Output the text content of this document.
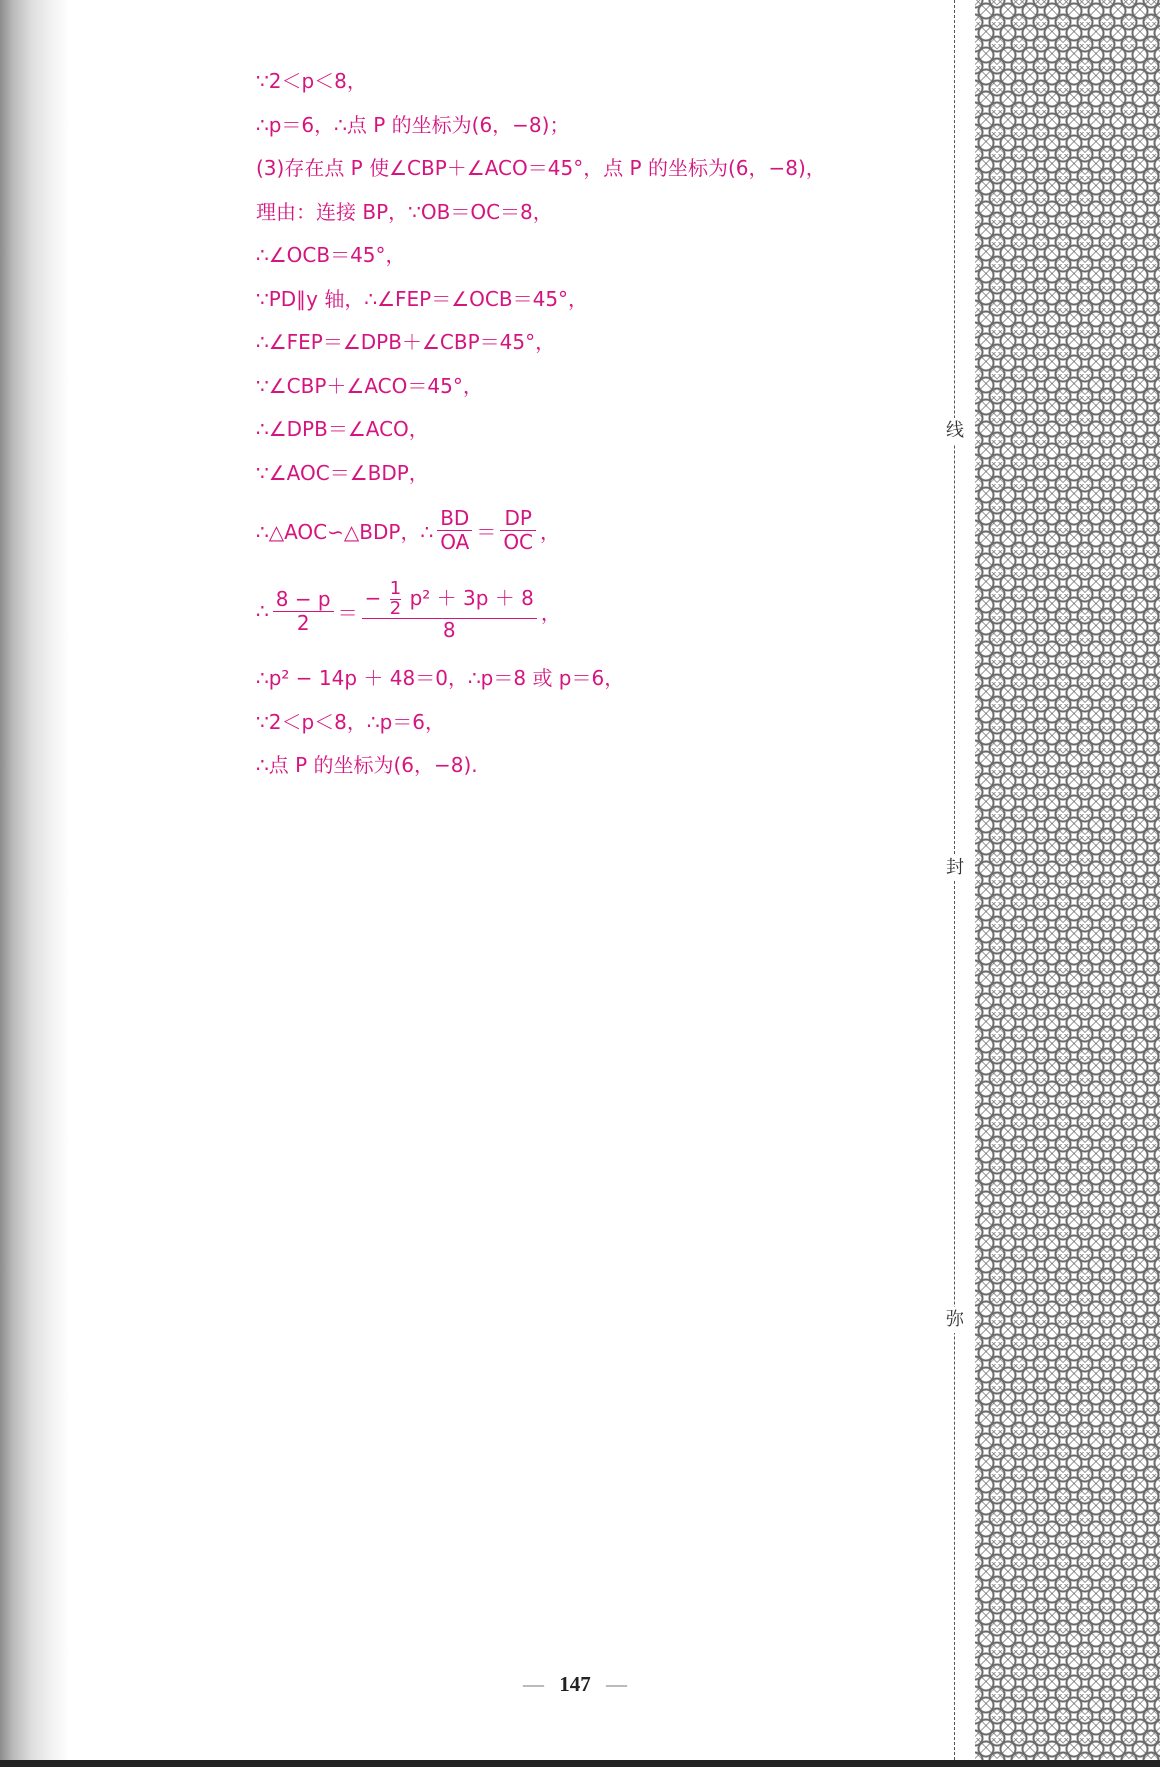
∵2＜p＜8，
∴p＝6，∴点 P 的坐标为(6，−8)；
(3)存在点 P 使∠CBP＋∠ACO＝45°，点 P 的坐标为(6，−8)，
理由：连接 BP，∵OB＝OC＝8，
∴∠OCB＝45°，
∵PD∥y 轴，∴∠FEP＝∠OCB＝45°，
∴∠FEP＝∠DPB＋∠CBP＝45°，
∵∠CBP＋∠ACO＝45°，
∴∠DPB＝∠ACO，
∵∠AOC＝∠BDP，
∴△AOC∽△BDP，∴ $\frac{BD}{OA} = \frac{DP}{OC}$ ，
∴ $\frac{8 - p}{2}$ ＝
− $\frac{1}{2} p^2 + 3p + 8$
8
，
∴p² − 14p ＋ 48＝0，∴p＝8 或 p＝6，
∵2＜p＜8，∴p＝6，
∴点 P 的坐标为(6，−8).
线
封
弥
— 147 —
